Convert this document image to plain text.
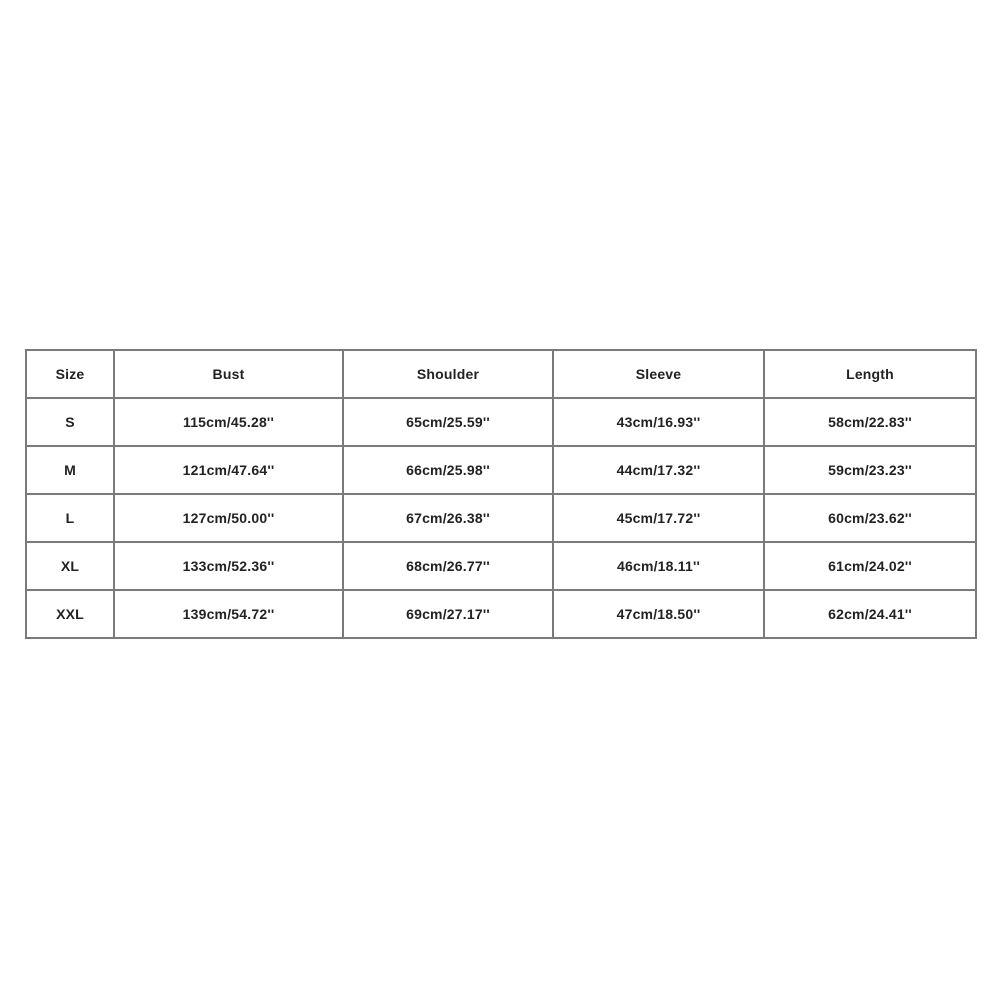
Size	Bust	Shoulder	Sleeve	Length
S	115cm/45.28''	65cm/25.59''	43cm/16.93''	58cm/22.83''
M	121cm/47.64''	66cm/25.98''	44cm/17.32''	59cm/23.23''
L	127cm/50.00''	67cm/26.38''	45cm/17.72''	60cm/23.62''
XL	133cm/52.36''	68cm/26.77''	46cm/18.11''	61cm/24.02''
XXL	139cm/54.72''	69cm/27.17''	47cm/18.50''	62cm/24.41''
